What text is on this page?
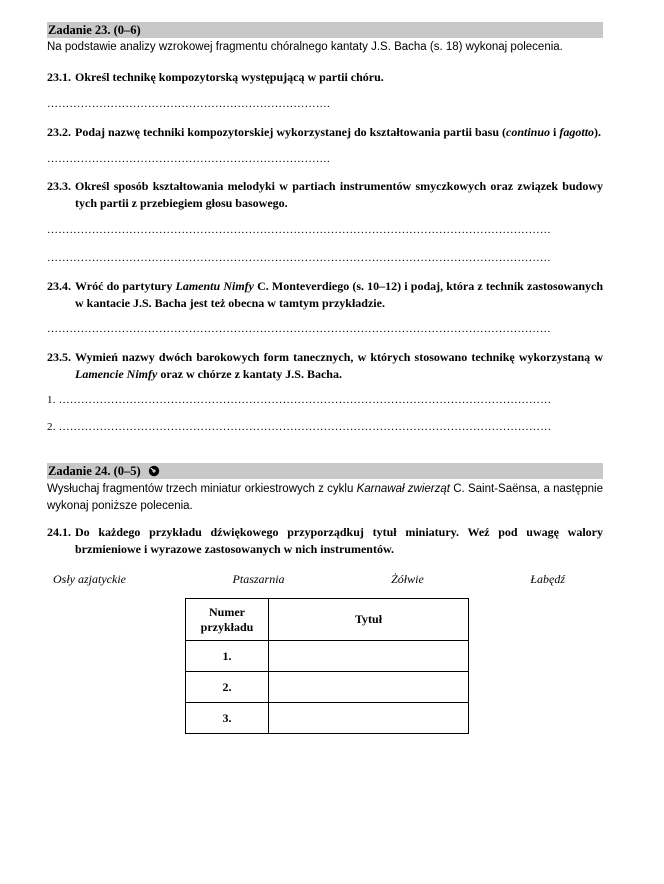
Zadanie 23. (0–6)
Na podstawie analizy wzrokowej fragmentu chóralnego kantaty J.S. Bacha (s. 18) wykonaj polecenia.
23.1. Określ technikę kompozytorską występującą w partii chóru.
………………………………………………………………….
23.2. Podaj nazwę techniki kompozytorskiej wykorzystanej do kształtowania partii basu (continuo i fagotto).
………………………………………………………………….
23.3. Określ sposób kształtowania melodyki w partiach instrumentów smyczkowych oraz związek budowy tych partii z przebiegiem głosu basowego.
………………………………………………………………………………………………………………………
………………………………………………………………………………………………………………………
23.4. Wróć do partytury Lamentu Nimfy C. Monteverdiego (s. 10–12) i podaj, która z technik zastosowanych w kantacie J.S. Bacha jest też obecna w tamtym przykładzie.
………………………………………………………………………………………………………………………
23.5. Wymień nazwy dwóch barokowych form tanecznych, w których stosowano technikę wykorzystaną w Lamencie Nimfy oraz w chórze z kantaty J.S. Bacha.
1. ……………………………………………………………………………………………………………………
2. ……………………………………………………………………………………………………………………
Zadanie 24. (0–5)
Wysłuchaj fragmentów trzech miniatur orkiestrowych z cyklu Karnawał zwierząt C. Saint-Saënsa, a następnie wykonaj poniższe polecenia.
24.1. Do każdego przykładu dźwiękowego przyporządkuj tytuł miniatury. Weź pod uwagę walory brzmieniowe i wyrazowe zastosowanych w nich instrumentów.
Osły azjatyckie	Ptaszarnia	Żółwie	Łabędź
Numer przykładu	Tytuł
1.	
2.	
3.	
